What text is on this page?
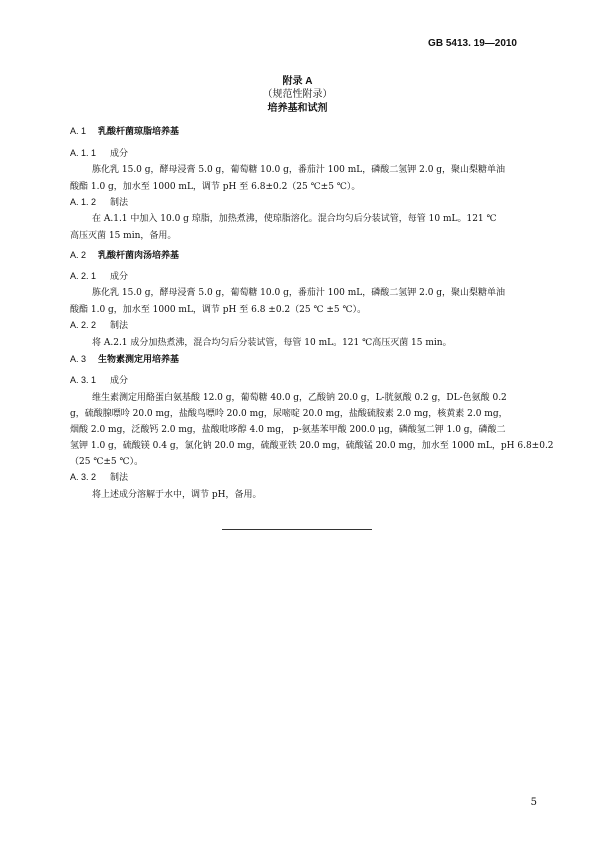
GB 5413. 19—2010
附录 A
（规范性附录）
培养基和试剂
A. 1 乳酸杆菌琼脂培养基
A. 1. 1 成分
胨化乳 15.0 g，酵母浸膏 5.0 g，葡萄糖 10.0 g，番茄汁 100 mL，磷酸二氢钾 2.0 g，聚山梨糖单油
酸酯 1.0 g，加水至 1000 mL，调节 pH 至 6.8±0.2（25 ℃±5 ℃）。
A. 1. 2 制法
在 A.1.1 中加入 10.0 g 琼脂，加热煮沸，使琼脂溶化。混合均匀后分装试管，每管 10 mL。121 ℃
高压灭菌 15 min，备用。
A. 2 乳酸杆菌肉汤培养基
A. 2. 1 成分
胨化乳 15.0 g，酵母浸膏 5.0 g，葡萄糖 10.0 g，番茄汁 100 mL，磷酸二氢钾 2.0 g，聚山梨糖单油
酸酯 1.0 g，加水至 1000 mL，调节 pH 至 6.8 ±0.2（25 ℃ ±5 ℃）。
A. 2. 2 制法
将 A.2.1 成分加热煮沸，混合均匀后分装试管，每管 10 mL。121 ℃高压灭菌 15 min。
A. 3 生物素测定用培养基
A. 3. 1 成分
维生素测定用酪蛋白氨基酸 12.0 g，葡萄糖 40.0 g，乙酸钠 20.0 g，L-胱氨酸 0.2 g，DL-色氨酸 0.2
g，硫酸腺嘌呤 20.0 mg，盐酸鸟嘌呤 20.0 mg，尿嘧啶 20.0 mg，盐酸硫胺素 2.0 mg，核黄素 2.0 mg，
烟酸 2.0 mg，泛酸钙 2.0 mg，盐酸吡哆醇 4.0 mg， p-氨基苯甲酸 200.0 μg，磷酸氢二钾 1.0 g，磷酸二
氢钾 1.0 g，硫酸镁 0.4 g，氯化钠 20.0 mg，硫酸亚铁 20.0 mg，硫酸锰 20.0 mg，加水至 1000 mL，pH 6.8±0.2
（25 ℃±5 ℃）。
A. 3. 2 制法
将上述成分溶解于水中，调节 pH，备用。
5
